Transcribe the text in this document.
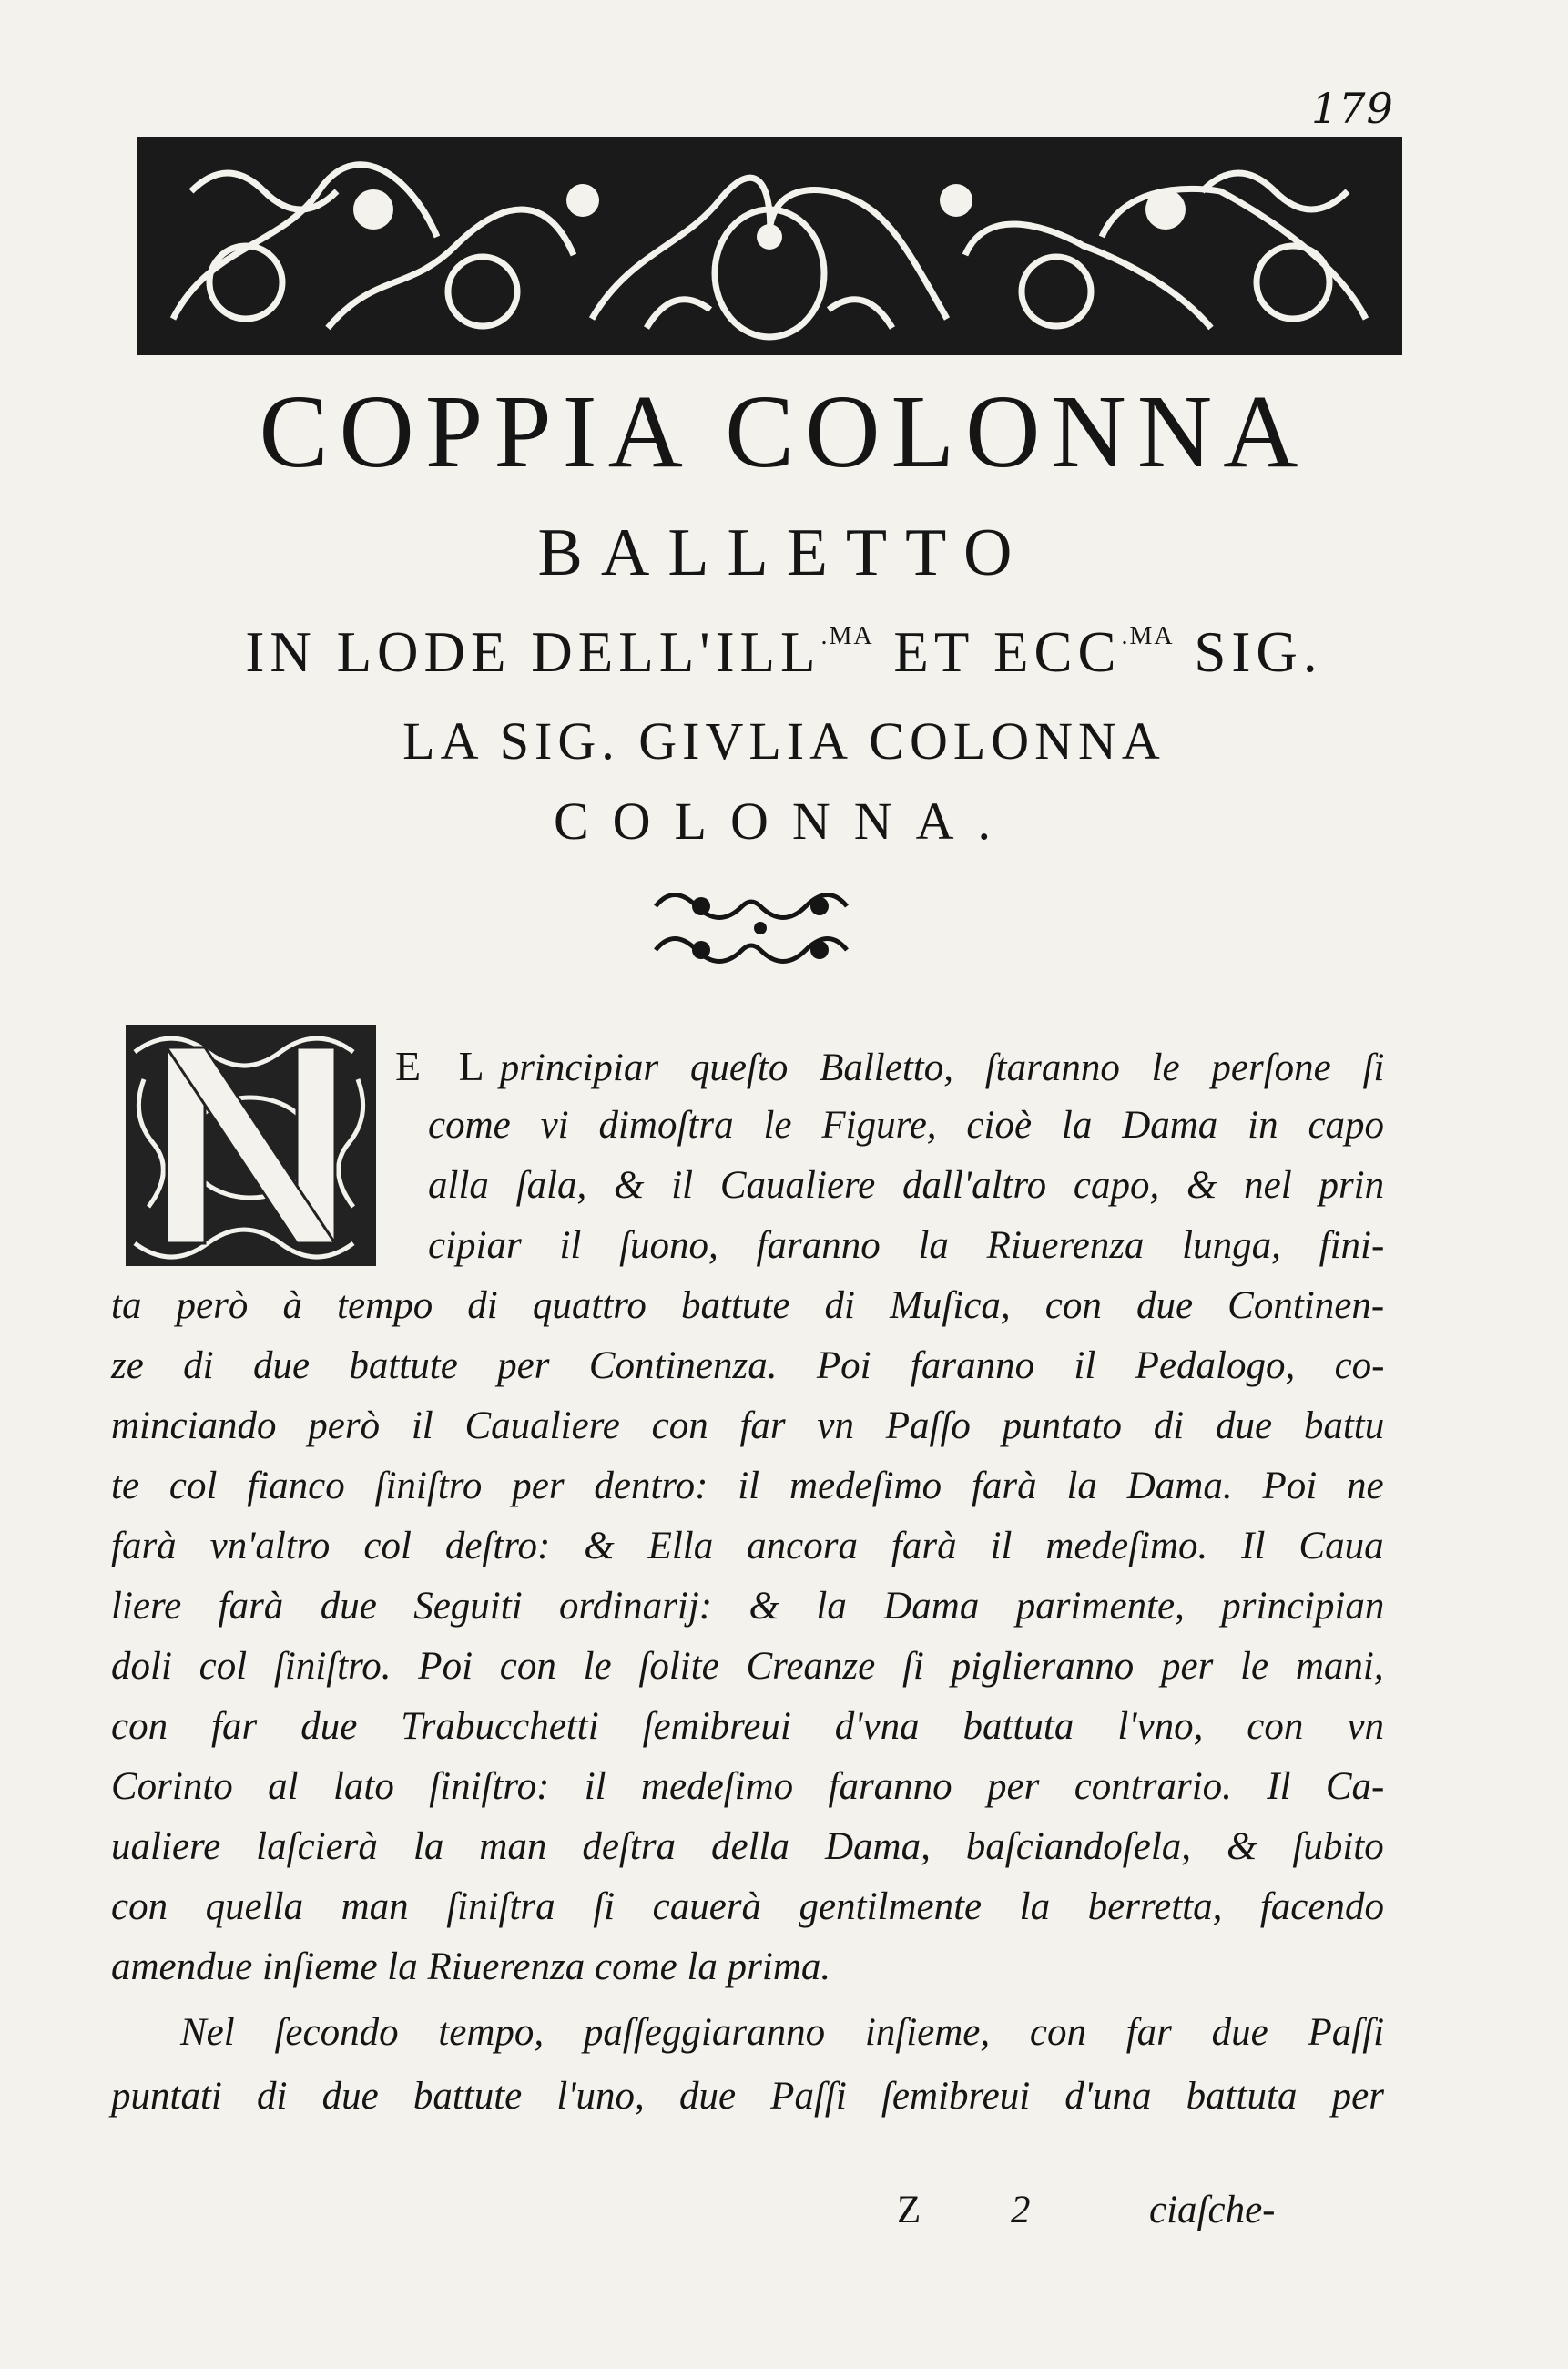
179
COPPIA COLONNA
BALLETTO
IN LODE $DELL'ILL^{.MA}$ ET $ECC^{.MA}$ SIG.
LA SIG. GIVLIA COLONNA
COLONNA.
N
E L principiar queſto Balletto, ſtaranno le perſone ſi
come vi dimoſtra le Figure, cioè la Dama in capo
alla ſala, & il Caualiere dall'altro capo, & nel prin
cipiar il ſuono, faranno la Riuerenza lunga, fini-
ta però à tempo di quattro battute di Muſica, con due Continen-
ze di due battute per Continenza. Poi faranno il Pedalogo, co-
minciando però il Caualiere con far vn Paſſo puntato di due battu
te col fianco ſiniſtro per dentro: il medeſimo farà la Dama. Poi ne
farà vn'altro col deſtro: & Ella ancora farà il medeſimo. Il Caua
liere farà due Seguiti ordinarij: & la Dama parimente, principian
doli col ſiniſtro. Poi con le ſolite Creanze ſi piglieranno per le mani,
con far due Trabucchetti ſemibreui d'vna battuta l'vno, con vn
Corinto al lato ſiniſtro: il medeſimo faranno per contrario. Il Ca-
ualiere laſcierà la man deſtra della Dama, baſciandoſela, & ſubito
con quella man ſiniſtra ſi cauerà gentilmente la berretta, facendo
amendue inſieme la Riuerenza come la prima.
Nel ſecondo tempo, paſſeggiaranno inſieme, con far due Paſſi
puntati di due battute l'uno, due Paſſi ſemibreui d'una battuta per
Z 2	ciaſche-
